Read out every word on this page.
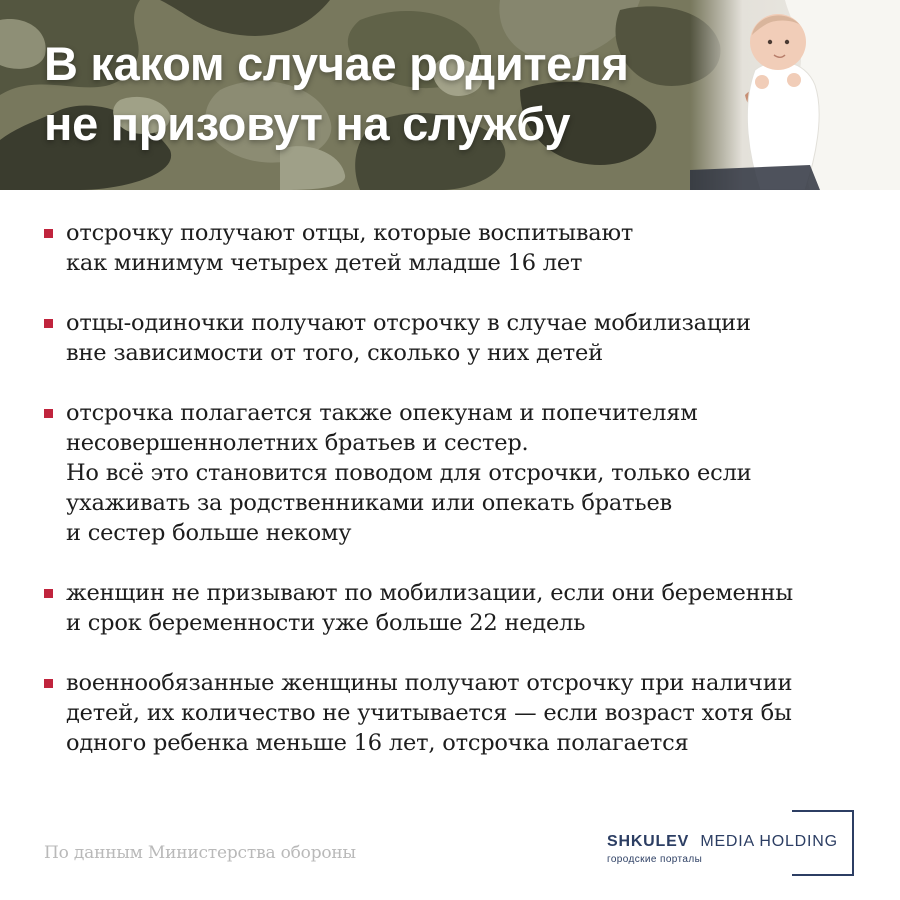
В каком случае родителя
не призовут на службу
отсрочку получают отцы, которые воспитывают
как минимум четырех детей младше 16 лет
отцы-одиночки получают отсрочку в случае мобилизации
вне зависимости от того, сколько у них детей
отсрочка полагается также опекунам и попечителям
несовершеннолетних братьев и сестер.
Но всё это становится поводом для отсрочки, только если
ухаживать за родственниками или опекать братьев
и сестер больше некому
женщин не призывают по мобилизации, если они беременны
и срок беременности уже больше 22 недель
военнообязанные женщины получают отсрочку при наличии
детей, их количество не учитывается — если возраст хотя бы
одного ребенка меньше 16 лет, отсрочка полагается
По данным Министерства обороны
SHKULEV MEDIA HOLDING
городские порталы
